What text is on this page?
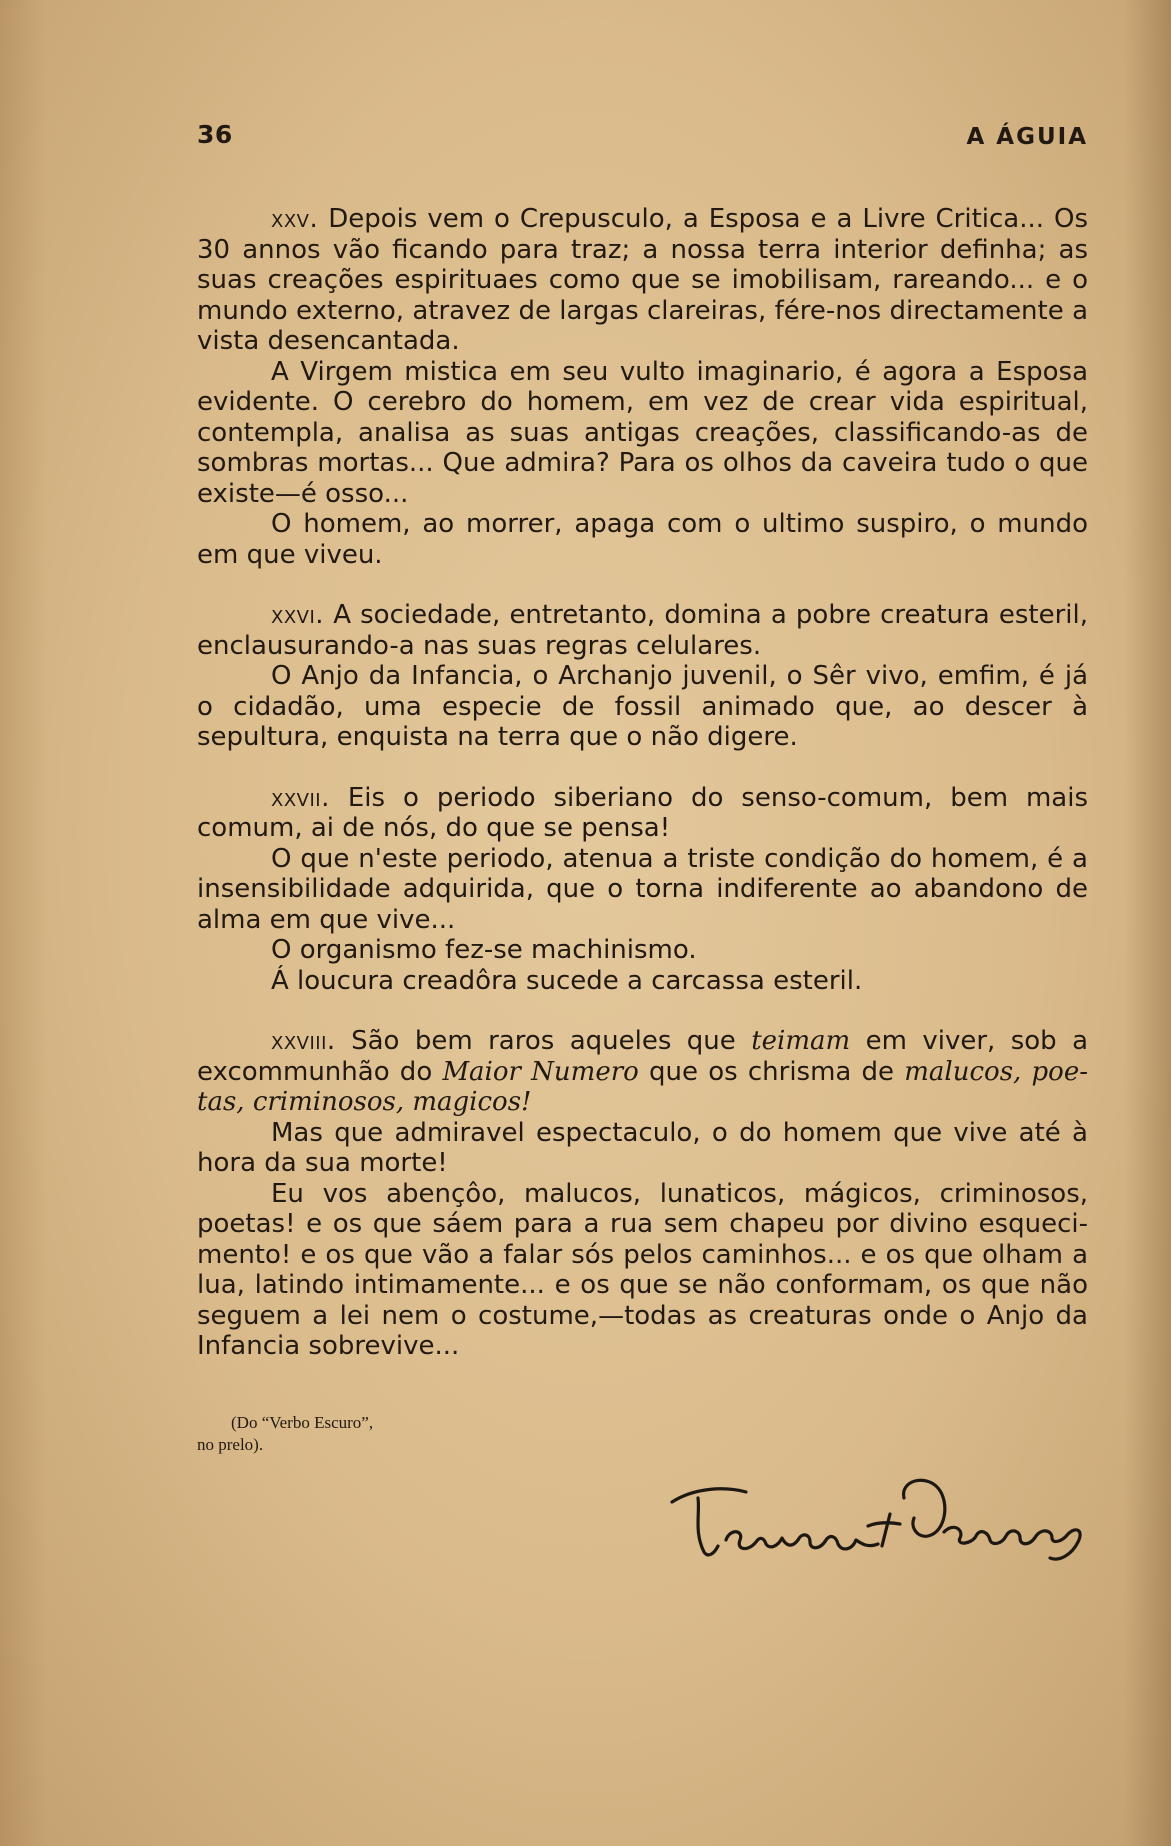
36	A ÁGUIA

xxv. Depois vem o Crepusculo, a Esposa e a Livre Critica... Os 30 annos vão ficando para traz; a nossa terra interior definha; as suas creações espirituaes como que se imobilisam, rareando... e o mundo externo, atravez de largas clareiras, fére-nos directamente a vista desencantada.

A Virgem mistica em seu vulto imaginario, é agora a Esposa evidente. O cerebro do homem, em vez de crear vida espiritual, contempla, analisa as suas antigas creações, classificando-as de sombras mortas... Que admira? Para os olhos da caveira tudo o que existe—é osso...

O homem, ao morrer, apaga com o ultimo suspiro, o mundo em que viveu.

xxvi. A sociedade, entretanto, domina a pobre creatura esteril, enclausurando-a nas suas regras celulares.

O Anjo da Infancia, o Archanjo juvenil, o Sêr vivo, emfim, é já o cidadão, uma especie de fossil animado que, ao descer à sepultura, enquista na terra que o não digere.

xxvii. Eis o periodo siberiano do senso-comum, bem mais comum, ai de nós, do que se pensa!

O que n'este periodo, atenua a triste condição do homem, é a insensibilidade adquirida, que o torna indiferente ao abandono de alma em que vive...

O organismo fez-se machinismo.

Á loucura creadôra sucede a carcassa esteril.

xxviii. São bem raros aqueles que teimam em viver, sob a excommunhão do Maior Numero que os chrisma de malucos, poetas, criminosos, magicos!

Mas que admiravel espectaculo, o do homem que vive até à hora da sua morte!

Eu vos abençôo, malucos, lunaticos, mágicos, criminosos, poetas! e os que sáem para a rua sem chapeu por divino esquecimento! e os que vão a falar sós pelos caminhos... e os que olham a lua, latindo intimamente... e os que se não conformam, os que não seguem a lei nem o costume,—todas as creaturas onde o Anjo da Infancia sobrevive...

(Do “Verbo Escuro”,
no prelo).
